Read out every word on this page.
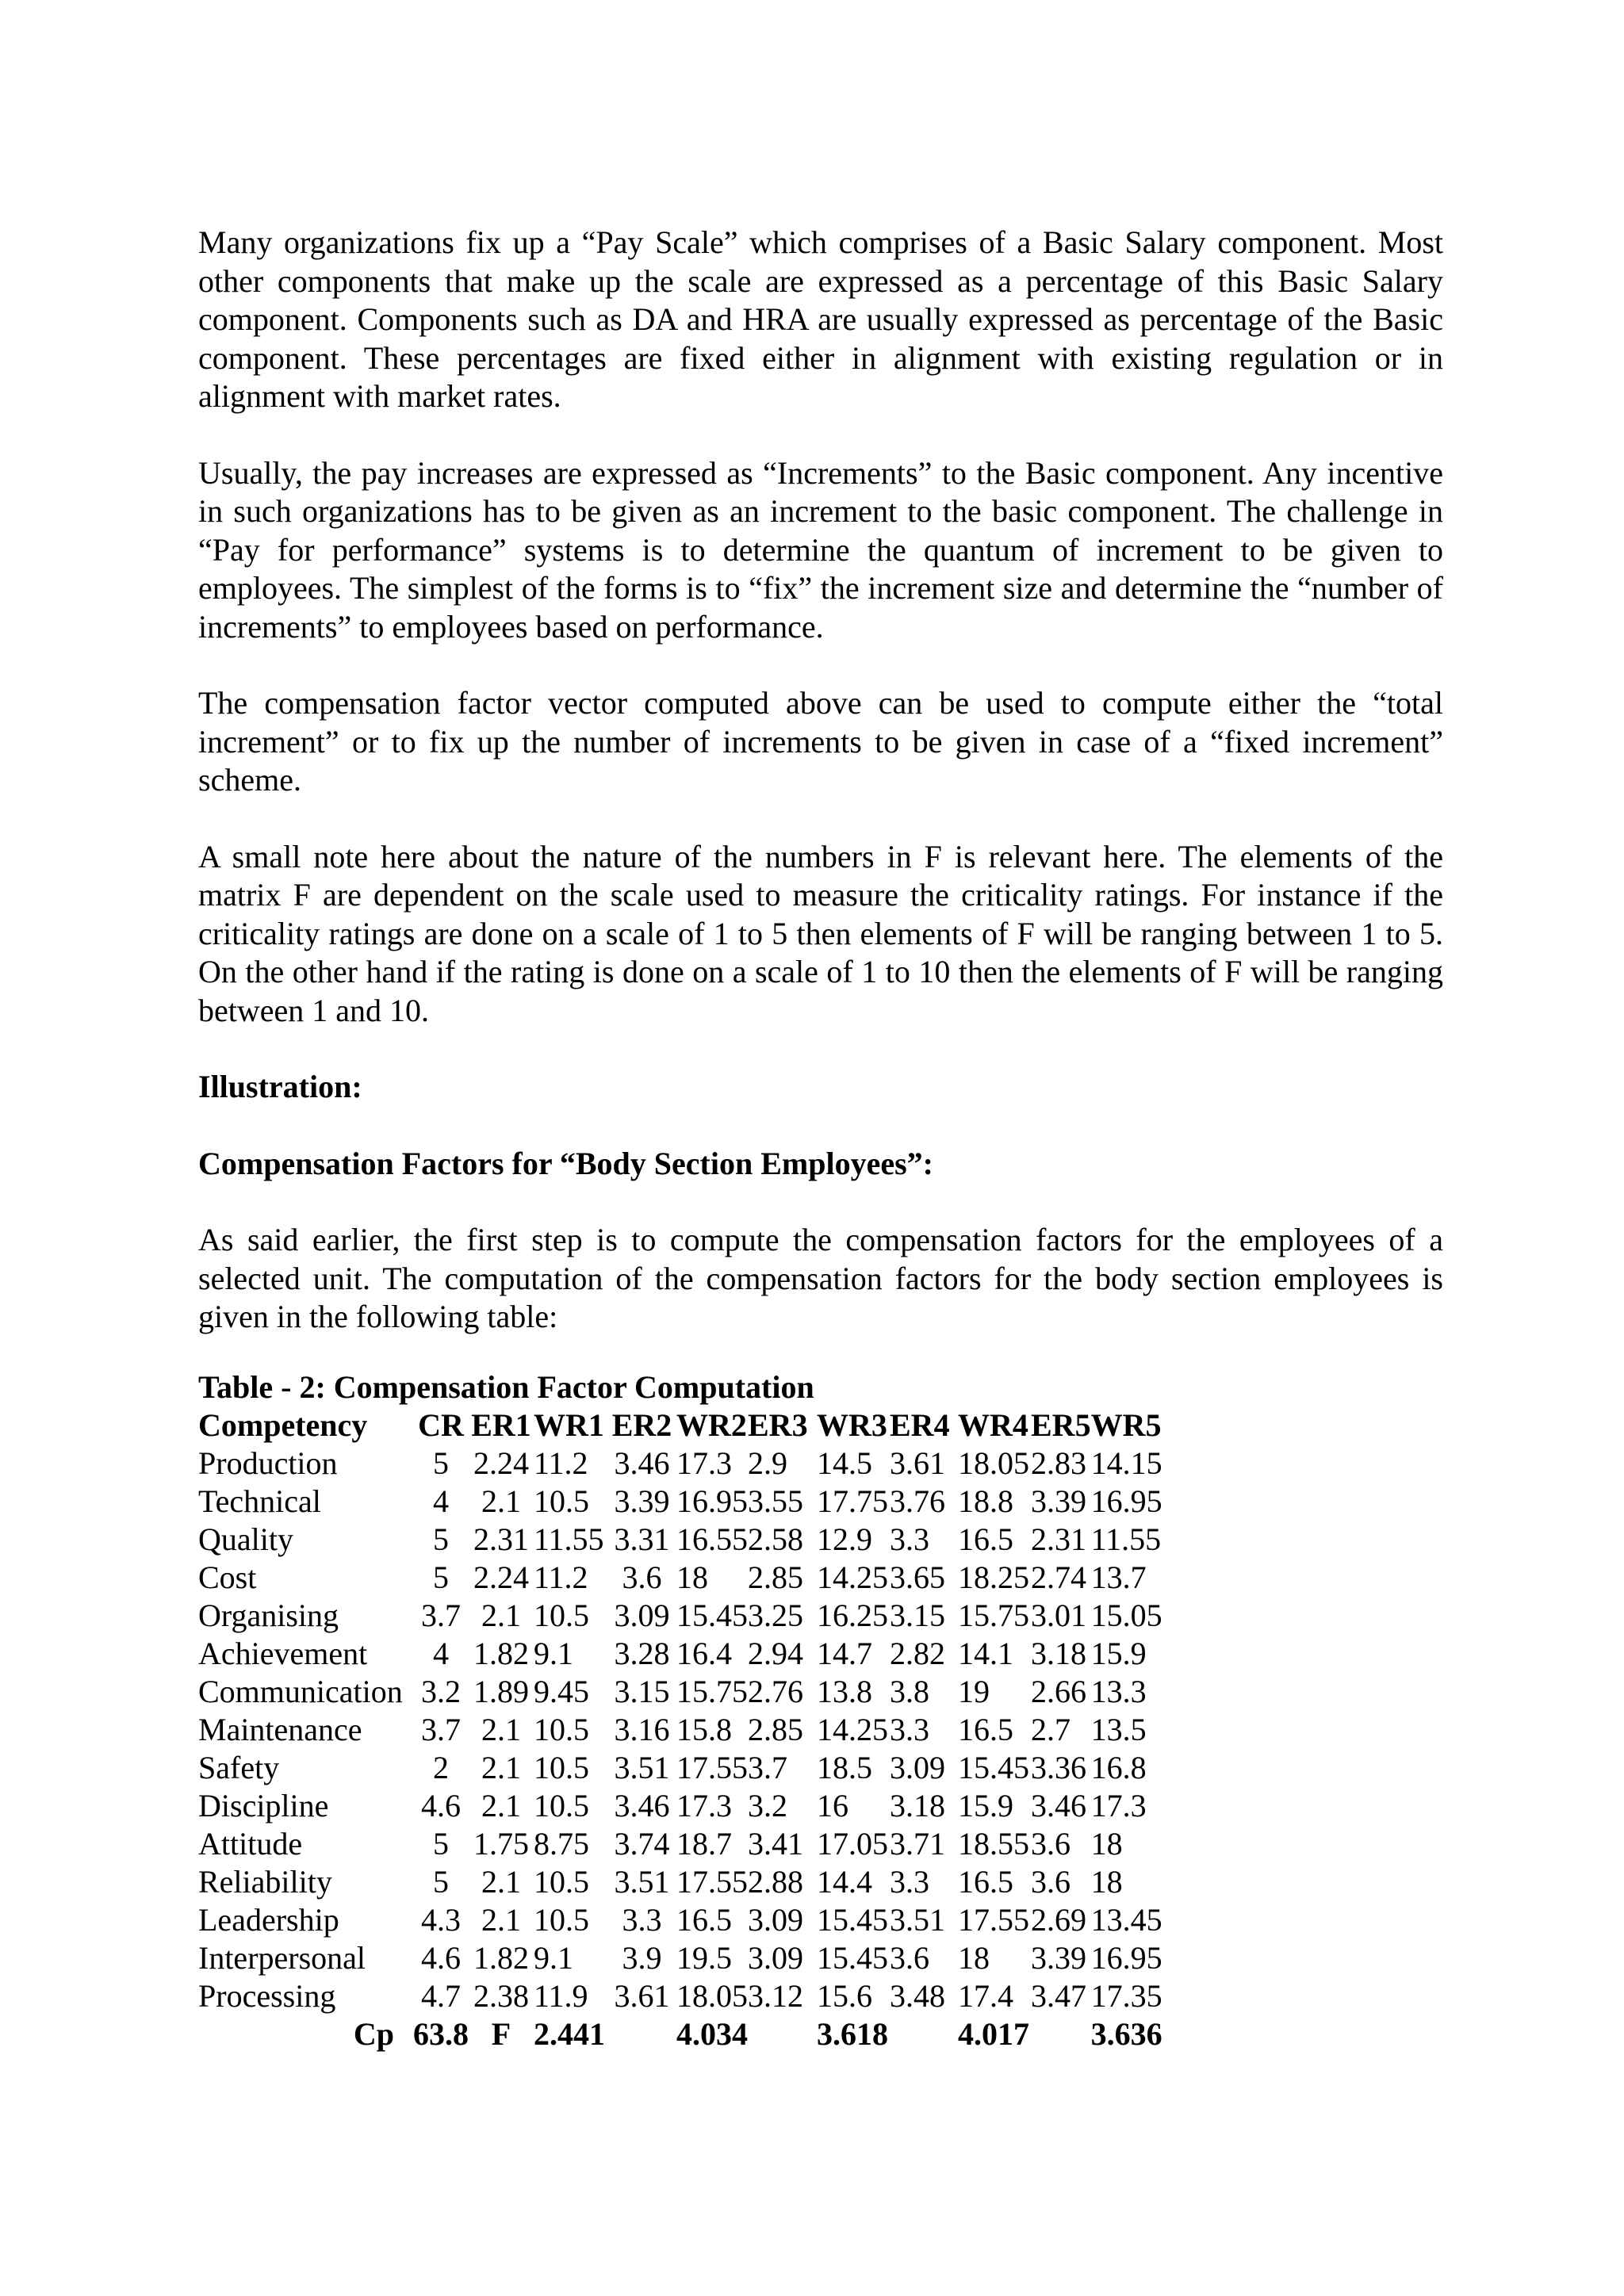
Many organizations fix up a “Pay Scale” which comprises of a Basic Salary component. Most other components that make up the scale are expressed as a percentage of this Basic Salary component. Components such as DA and HRA are usually expressed as percentage of the Basic component. These percentages are fixed either in alignment with existing regulation or in alignment with market rates.

Usually, the pay increases are expressed as “Increments” to the Basic component. Any incentive in such organizations has to be given as an increment to the basic component. The challenge in “Pay for performance” systems is to determine the quantum of increment to be given to employees. The simplest of the forms is to “fix” the increment size and determine the “number of increments” to employees based on performance.

The compensation factor vector computed above can be used to compute either the “total increment” or to fix up the number of increments to be given in case of a “fixed increment” scheme.

A small note here about the nature of the numbers in F is relevant here. The elements of the matrix F are dependent on the scale used to measure the criticality ratings. For instance if the criticality ratings are done on a scale of 1 to 5 then elements of F will be ranging between 1 to 5. On the other hand if the rating is done on a scale of 1 to 10 then the elements of F will be ranging between 1 and 10.

Illustration:

Compensation Factors for “Body Section Employees”:

As said earlier, the first step is to compute the compensation factors for the employees of a selected unit. The computation of the compensation factors for the body section employees is given in the following table:

Table - 2: Compensation Factor Computation

Competency	CR	ER1	WR1	ER2	WR2	ER3	WR3	ER4	WR4	ER5	WR5
Production	5	2.24	11.2	3.46	17.3	2.9	14.5	3.61	18.05	2.83	14.15
Technical	4	2.1	10.5	3.39	16.95	3.55	17.75	3.76	18.8	3.39	16.95
Quality	5	2.31	11.55	3.31	16.55	2.58	12.9	3.3	16.5	2.31	11.55
Cost	5	2.24	11.2	3.6	18	2.85	14.25	3.65	18.25	2.74	13.7
Organising	3.7	2.1	10.5	3.09	15.45	3.25	16.25	3.15	15.75	3.01	15.05
Achievement	4	1.82	9.1	3.28	16.4	2.94	14.7	2.82	14.1	3.18	15.9
Communication	3.2	1.89	9.45	3.15	15.75	2.76	13.8	3.8	19	2.66	13.3
Maintenance	3.7	2.1	10.5	3.16	15.8	2.85	14.25	3.3	16.5	2.7	13.5
Safety	2	2.1	10.5	3.51	17.55	3.7	18.5	3.09	15.45	3.36	16.8
Discipline	4.6	2.1	10.5	3.46	17.3	3.2	16	3.18	15.9	3.46	17.3
Attitude	5	1.75	8.75	3.74	18.7	3.41	17.05	3.71	18.55	3.6	18
Reliability	5	2.1	10.5	3.51	17.55	2.88	14.4	3.3	16.5	3.6	18
Leadership	4.3	2.1	10.5	3.3	16.5	3.09	15.45	3.51	17.55	2.69	13.45
Interpersonal	4.6	1.82	9.1	3.9	19.5	3.09	15.45	3.6	18	3.39	16.95
Processing	4.7	2.38	11.9	3.61	18.05	3.12	15.6	3.48	17.4	3.47	17.35
Cp	63.8	F	2.441		4.034		3.618		4.017		3.636
